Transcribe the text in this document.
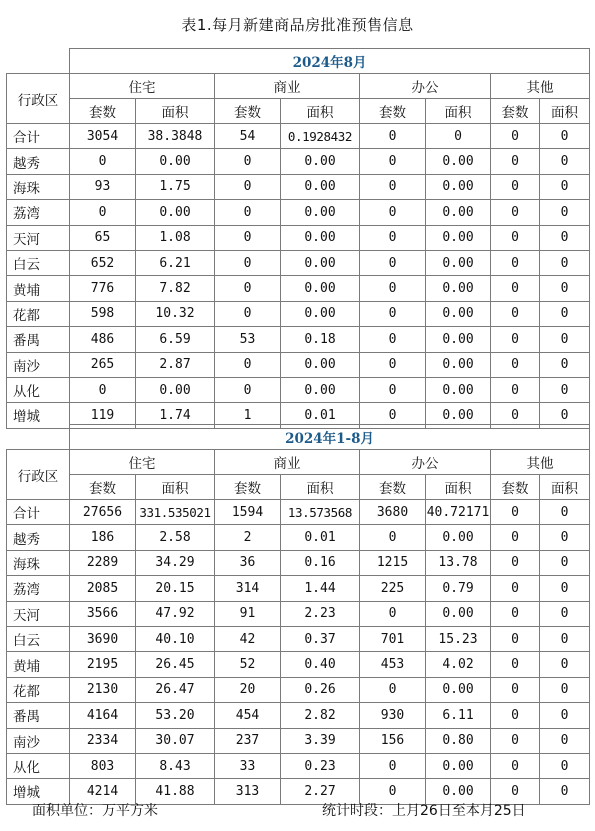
表1.每月新建商品房批准预售信息
	2024年8月							
行政区	住宅		商业		办公		其他	
	套数	面积	套数	面积	套数	面积	套数	面积
合计	3054	38.3848	54	0.1928432	0	0	0	0
越秀	0	0.00	0	0.00	0	0.00	0	0
海珠	93	1.75	0	0.00	0	0.00	0	0
荔湾	0	0.00	0	0.00	0	0.00	0	0
天河	65	1.08	0	0.00	0	0.00	0	0
白云	652	6.21	0	0.00	0	0.00	0	0
黄埔	776	7.82	0	0.00	0	0.00	0	0
花都	598	10.32	0	0.00	0	0.00	0	0
番禺	486	6.59	53	0.18	0	0.00	0	0
南沙	265	2.87	0	0.00	0	0.00	0	0
从化	0	0.00	0	0.00	0	0.00	0	0
增城	119	1.74	1	0.01	0	0.00	0	0
	2024年1-8月							
行政区	住宅		商业		办公		其他	
	套数	面积	套数	面积	套数	面积	套数	面积
合计	27656	331.535021	1594	13.573568	3680	40.72171	0	0
越秀	186	2.58	2	0.01	0	0.00	0	0
海珠	2289	34.29	36	0.16	1215	13.78	0	0
荔湾	2085	20.15	314	1.44	225	0.79	0	0
天河	3566	47.92	91	2.23	0	0.00	0	0
白云	3690	40.10	42	0.37	701	15.23	0	0
黄埔	2195	26.45	52	0.40	453	4.02	0	0
花都	2130	26.47	20	0.26	0	0.00	0	0
番禺	4164	53.20	454	2.82	930	6.11	0	0
南沙	2334	30.07	237	3.39	156	0.80	0	0
从化	803	8.43	33	0.23	0	0.00	0	0
增城	4214	41.88	313	2.27	0	0.00	0	0
面积单位：万平方米	统计时段：上月26日至本月25日
